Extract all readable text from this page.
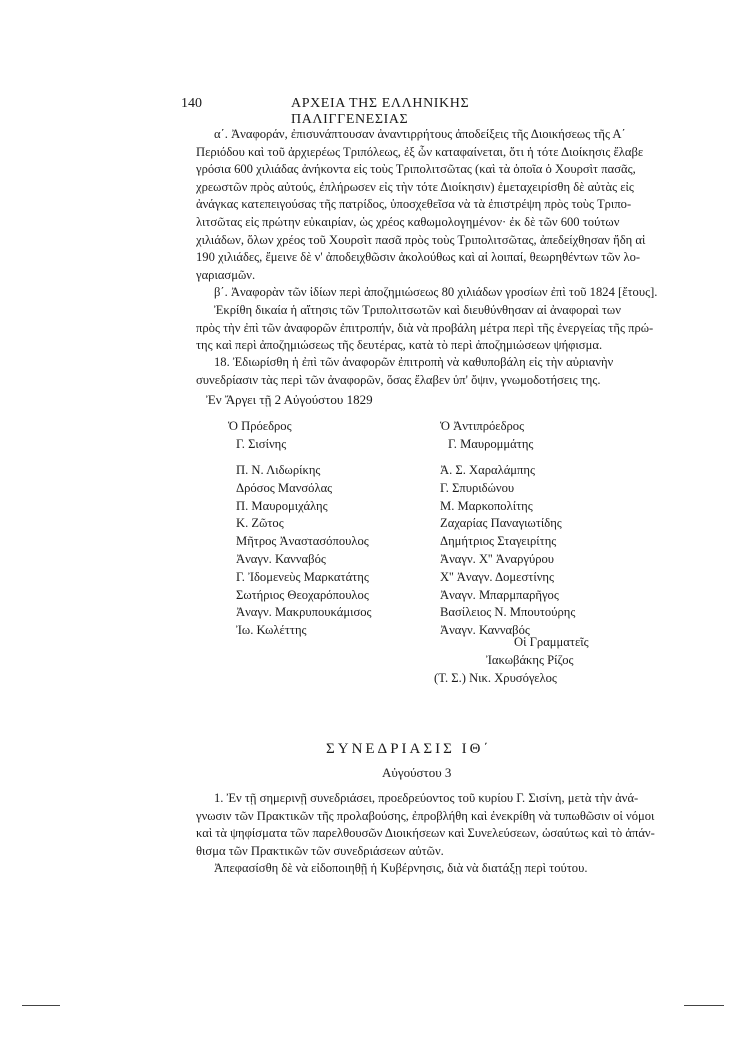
140	ΑΡΧΕΙΑ ΤΗΣ ΕΛΛΗΝΙΚΗΣ ΠΑΛΙΓΓΕΝΕΣΙΑΣ
α΄. Ἀναφοράν, ἐπισυνάπτουσαν ἀναντιρρήτους ἀποδείξεις τῆς Διοικήσεως τῆς Α΄
Περιόδου καὶ τοῦ ἀρχιερέως Τριπόλεως, ἐξ ὧν καταφαίνεται, ὅτι ἡ τότε Διοίκησις ἔλαβε
γρόσια 600 χιλιάδας ἀνήκοντα εἰς τοὺς Τριπολιτσῶτας (καὶ τὰ ὁποῖα ὁ Χουρσὶτ πασᾶς,
χρεωστῶν πρὸς αὐτούς, ἐπλήρωσεν εἰς τὴν τότε Διοίκησιν) ἐμεταχειρίσθη δὲ αὐτὰς εἰς
ἀνάγκας κατεπειγούσας τῆς πατρίδος, ὑποσχεθεῖσα νὰ τὰ ἐπιστρέψη πρὸς τοὺς Τριπο-
λιτσῶτας εἰς πρώτην εὐκαιρίαν, ὡς χρέος καθωμολογημένον· ἐκ δὲ τῶν 600 τούτων
χιλιάδων, ὅλων χρέος τοῦ Χουρσὶτ πασᾶ πρὸς τοὺς Τριπολιτσῶτας, ἀπεδείχθησαν ἤδη αἱ
190 χιλιάδες, ἔμεινε δὲ ν' ἀποδειχθῶσιν ἀκολούθως καὶ αἱ λοιπαί, θεωρηθέντων τῶν λο-
γαριασμῶν.
β΄. Ἀναφορὰν τῶν ἰδίων περὶ ἀποζημιώσεως 80 χιλιάδων γροσίων ἐπὶ τοῦ 1824 [ἔτους].
Ἐκρίθη δικαία ἡ αἴτησις τῶν Τριπολιτσωτῶν καὶ διευθύνθησαν αἱ ἀναφοραὶ των
πρὸς τὴν ἐπὶ τῶν ἀναφορῶν ἐπιτροπήν, διὰ νὰ προβάλη μέτρα περὶ τῆς ἐνεργείας τῆς πρώ-
της καὶ περὶ ἀποζημιώσεως τῆς δευτέρας, κατὰ τὸ περὶ ἀποζημιώσεων ψήφισμα.
18. Ἐδιωρίσθη ἡ ἐπὶ τῶν ἀναφορῶν ἐπιτροπὴ νὰ καθυποβάλη εἰς τὴν αὐριανὴν
συνεδρίασιν τὰς περὶ τῶν ἀναφορῶν, ὅσας ἔλαβεν ὑπ' ὄψιν, γνωμοδοτήσεις της.
Ἐν Ἄργει τῇ 2 Αὐγούστου 1829
Ὁ Πρόεδρος
Γ. Σισίνης
Ὁ Ἀντιπρόεδρος
Γ. Μαυρομμάτης
Π. Ν. Λιδωρίκης
Δρόσος Μανσόλας
Π. Μαυρομιχάλης
Κ. Ζῶτος
Μῆτρος Ἀναστασόπουλος
Ἀναγν. Κανναβός
Γ. Ἰδομενεὺς Μαρκατάτης
Σωτήριος Θεοχαρόπουλος
Ἀναγν. Μακρυπουκάμισος
Ἰω. Κωλέττης
Ἀ. Σ. Χαραλάμπης
Γ. Σπυριδώνου
Μ. Μαρκοπολίτης
Ζαχαρίας Παναγιωτίδης
Δημήτριος Σταγειρίτης
Ἀναγν. Χ'' Ἀναργύρου
Χ'' Ἀναγν. Δομεστίνης
Ἀναγν. Μπαρμπαρῆγος
Βασίλειος Ν. Μπουτούρης
Ἀναγν. Κανναβός
Οἱ Γραμματεῖς
Ἰακωβάκης Ρίζος
(Τ. Σ.) Νικ. Χρυσόγελος
ΣΥΝΕΔΡΙΑΣΙΣ ΙΘ΄
Αὐγούστου 3
1. Ἐν τῇ σημερινῇ συνεδριάσει, προεδρεύοντος τοῦ κυρίου Γ. Σισίνη, μετὰ τὴν ἀνά-
γνωσιν τῶν Πρακτικῶν τῆς προλαβούσης, ἐπροβλήθη καὶ ἐνεκρίθη νὰ τυπωθῶσιν οἱ νόμοι
καὶ τὰ ψηφίσματα τῶν παρελθουσῶν Διοικήσεων καὶ Συνελεύσεων, ὡσαύτως καὶ τὸ ἀπάν-
θισμα τῶν Πρακτικῶν τῶν συνεδριάσεων αὐτῶν.
Ἀπεφασίσθη δὲ νὰ εἰδοποιηθῇ ἡ Κυβέρνησις, διὰ νὰ διατάξῃ περὶ τούτου.
